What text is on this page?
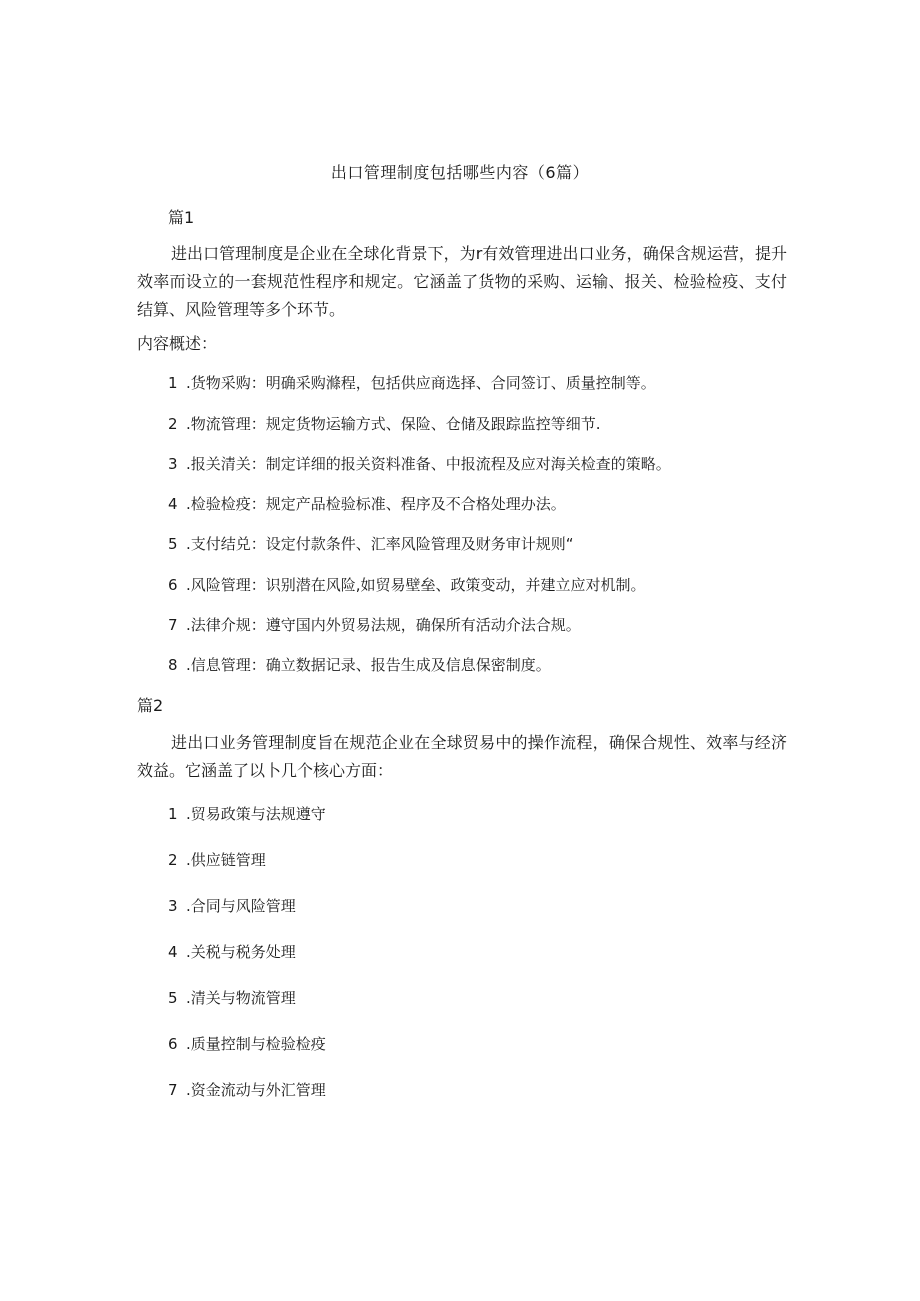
出口管理制度包括哪些内容（6篇）
篇1
进出口管理制度是企业在全球化背景下，为r有效管理进出口业务，确保含规运营，提升效率而设立的一套规范性程序和规定。它涵盖了货物的采购、运输、报关、检验检疫、支付结算、风险管理等多个环节。
内容概述：
1 .货物采购：明确采购滌程，包括供应商选择、合同签订、质量控制等。
2 .物流管理：规定货物运输方式、保险、仓储及跟踪监控等细节.
3 .报关清关：制定详细的报关资料准备、中报流程及应对海关检查的策略。
4 .检验检疫：规定产品检验标准、程序及不合格处理办法。
5 .支付结兑：设定付款条件、汇率风险管理及财务审计规则“
6 .风险管理：识别潜在风险,如贸易壁垒、政策变动，并建立应对机制。
7 .法律介规：遵守国内外贸易法规，确保所有活动介法合规。
8 .信息管理：确立数据记录、报告生成及信息保密制度。
篇2
进出口业务管理制度旨在规范企业在全球贸易中的操作流程，确保合规性、效率与经济效益。它涵盖了以卜几个核心方面：
1 .贸易政策与法规遵守
2 .供应链管理
3 .合同与风险管理
4 .关税与税务处理
5 .清关与物流管理
6 .质量控制与检验检疫
7 .资金流动与外汇管理
